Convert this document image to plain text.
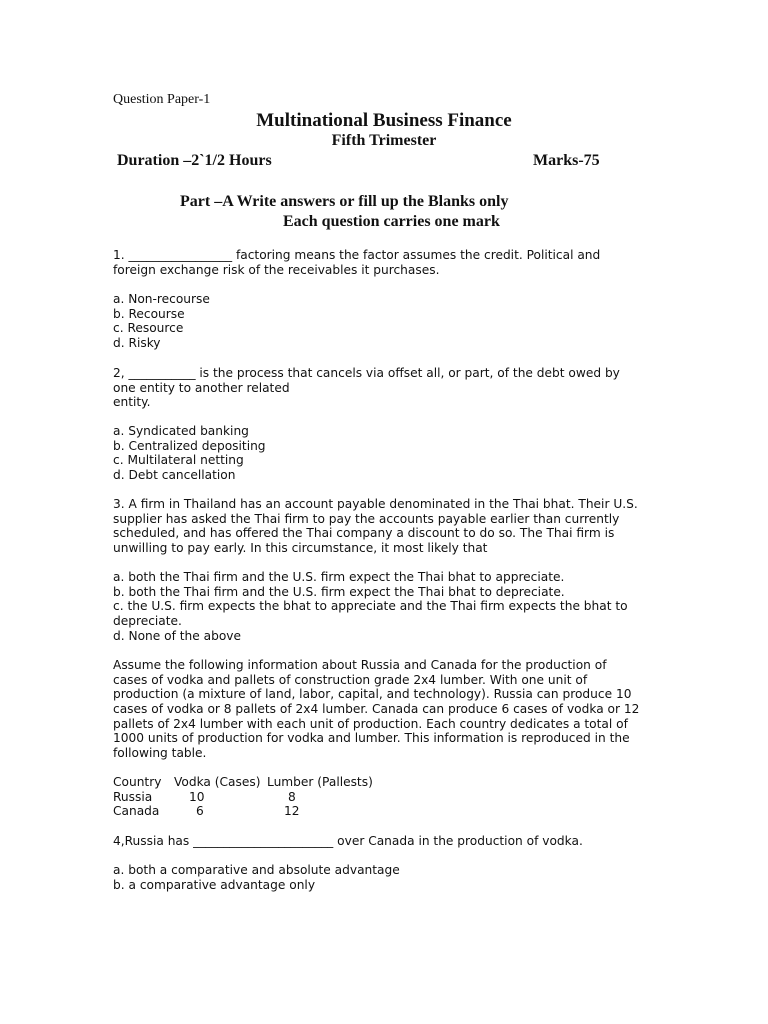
Question Paper-1
Multinational Business Finance
Fifth Trimester
Duration –2`1/2 Hours	Marks-75
Part –A Write answers or fill up the Blanks only
Each question carries one mark
1. _________________ factoring means the factor assumes the credit. Political and
foreign exchange risk of the receivables it purchases.
a. Non-recourse
b. Recourse
c. Resource
d. Risky
2, ___________ is the process that cancels via offset all, or part, of the debt owed by
one entity to another related
entity.
a. Syndicated banking
b. Centralized depositing
c. Multilateral netting
d. Debt cancellation
3. A firm in Thailand has an account payable denominated in the Thai bhat. Their U.S.
supplier has asked the Thai firm to pay the accounts payable earlier than currently
scheduled, and has offered the Thai company a discount to do so. The Thai firm is
unwilling to pay early. In this circumstance, it most likely that
a. both the Thai firm and the U.S. firm expect the Thai bhat to appreciate.
b. both the Thai firm and the U.S. firm expect the Thai bhat to depreciate.
c. the U.S. firm expects the bhat to appreciate and the Thai firm expects the bhat to
depreciate.
d. None of the above
Assume the following information about Russia and Canada for the production of
cases of vodka and pallets of construction grade 2x4 lumber. With one unit of
production (a mixture of land, labor, capital, and technology). Russia can produce 10
cases of vodka or 8 pallets of 2x4 lumber. Canada can produce 6 cases of vodka or 12
pallets of 2x4 lumber with each unit of production. Each country dedicates a total of
1000 units of production for vodka and lumber. This information is reproduced in the
following table.
Country Vodka (Cases) Lumber (Pallests)
Russia	10	8
Canada	6	12
4,Russia has _______________________ over Canada in the production of vodka.
a. both a comparative and absolute advantage
b. a comparative advantage only
